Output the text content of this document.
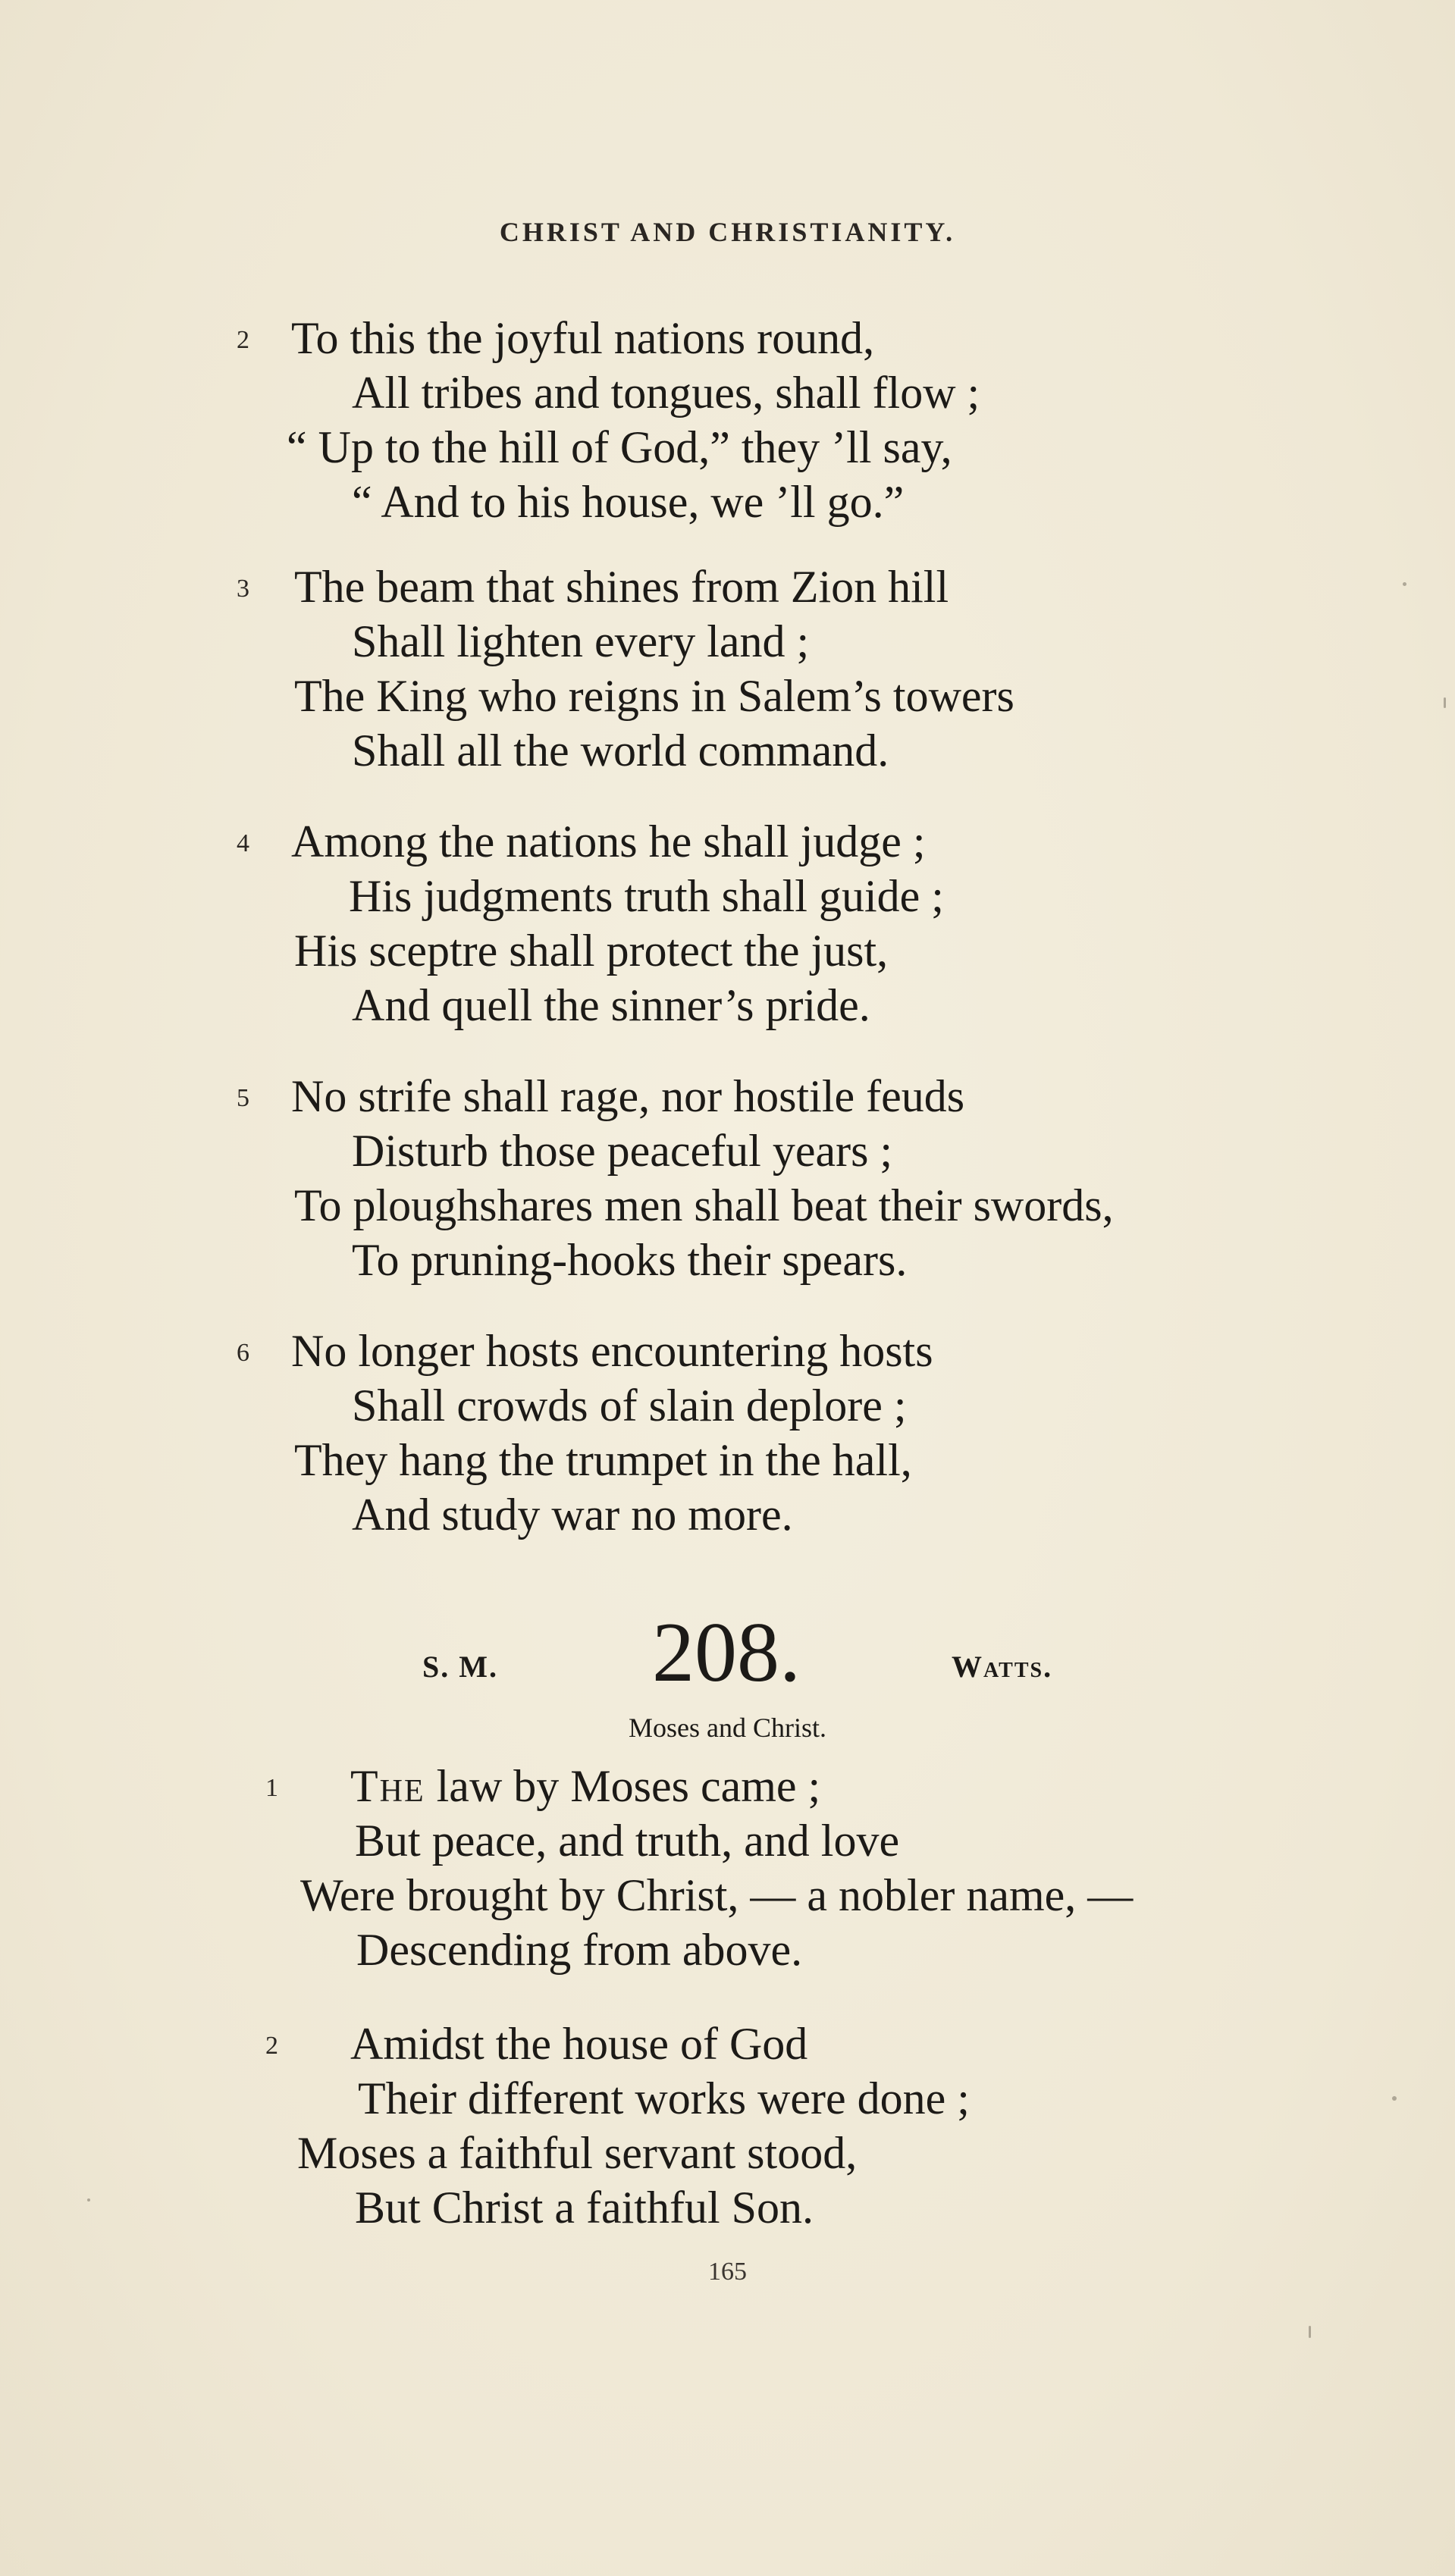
CHRIST AND CHRISTIANITY.
2 To this the joyful nations round,
All tribes and tongues, shall flow ;
“ Up to the hill of God,” they ’ll say,
“ And to his house, we ’ll go.”
3 The beam that shines from Zion hill
Shall lighten every land ;
The King who reigns in Salem’s towers
Shall all the world command.
4 Among the nations he shall judge ;
His judgments truth shall guide ;
His sceptre shall protect the just,
And quell the sinner’s pride.
5 No strife shall rage, nor hostile feuds
Disturb those peaceful years ;
To ploughshares men shall beat their swords,
To pruning-hooks their spears.
6 No longer hosts encountering hosts
Shall crowds of slain deplore ;
They hang the trumpet in the hall,
And study war no more.
S. M. 208.	Watts.
Moses and Christ.
1 The law by Moses came ;
But peace, and truth, and love
Were brought by Christ, — a nobler name, —
Descending from above.
2 Amidst the house of God
Their different works were done ;
Moses a faithful servant stood,
But Christ a faithful Son.
165
